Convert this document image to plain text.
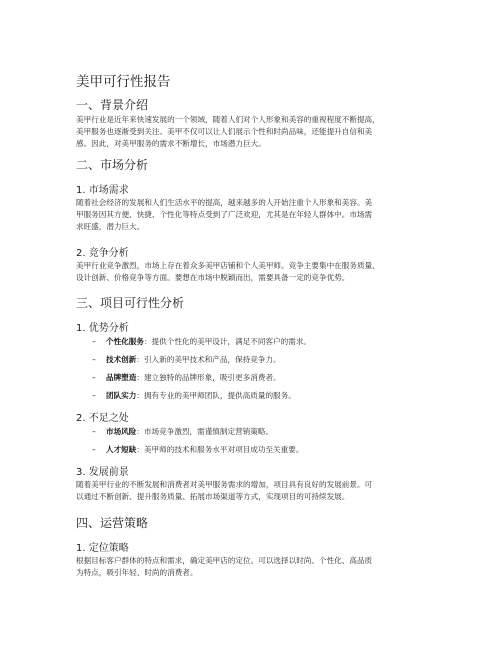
美甲可行性报告
一、背景介绍
美甲行业是近年来快速发展的一个领域，随着人们对个人形象和美容的重视程度不断提高，
美甲服务也逐渐受到关注。美甲不仅可以让人们展示个性和时尚品味，还能提升自信和美
感。因此，对美甲服务的需求不断增长，市场潜力巨大。
二、市场分析
1. 市场需求
随着社会经济的发展和人们生活水平的提高，越来越多的人开始注重个人形象和美容。美
甲服务因其方便、快捷、个性化等特点受到了广泛欢迎，尤其是在年轻人群体中。市场需
求旺盛，潜力巨大。
2. 竞争分析
美甲行业竞争激烈，市场上存在着众多美甲店铺和个人美甲师。竞争主要集中在服务质量、
设计创新、价格竞争等方面。要想在市场中脱颖而出，需要具备一定的竞争优势。
三、项目可行性分析
1. 优势分析
– 个性化服务：提供个性化的美甲设计，满足不同客户的需求。
– 技术创新：引入新的美甲技术和产品，保持竞争力。
– 品牌塑造：建立独特的品牌形象，吸引更多消费者。
– 团队实力：拥有专业的美甲师团队，提供高质量的服务。
2. 不足之处
– 市场风险：市场竞争激烈，需谨慎制定营销策略。
– 人才短缺：美甲师的技术和服务水平对项目成功至关重要。
3. 发展前景
随着美甲行业的不断发展和消费者对美甲服务需求的增加，项目具有良好的发展前景。可
以通过不断创新、提升服务质量、拓展市场渠道等方式，实现项目的可持续发展。
四、运营策略
1. 定位策略
根据目标客户群体的特点和需求，确定美甲店的定位。可以选择以时尚、个性化、高品质
为特点，吸引年轻、时尚的消费者。
